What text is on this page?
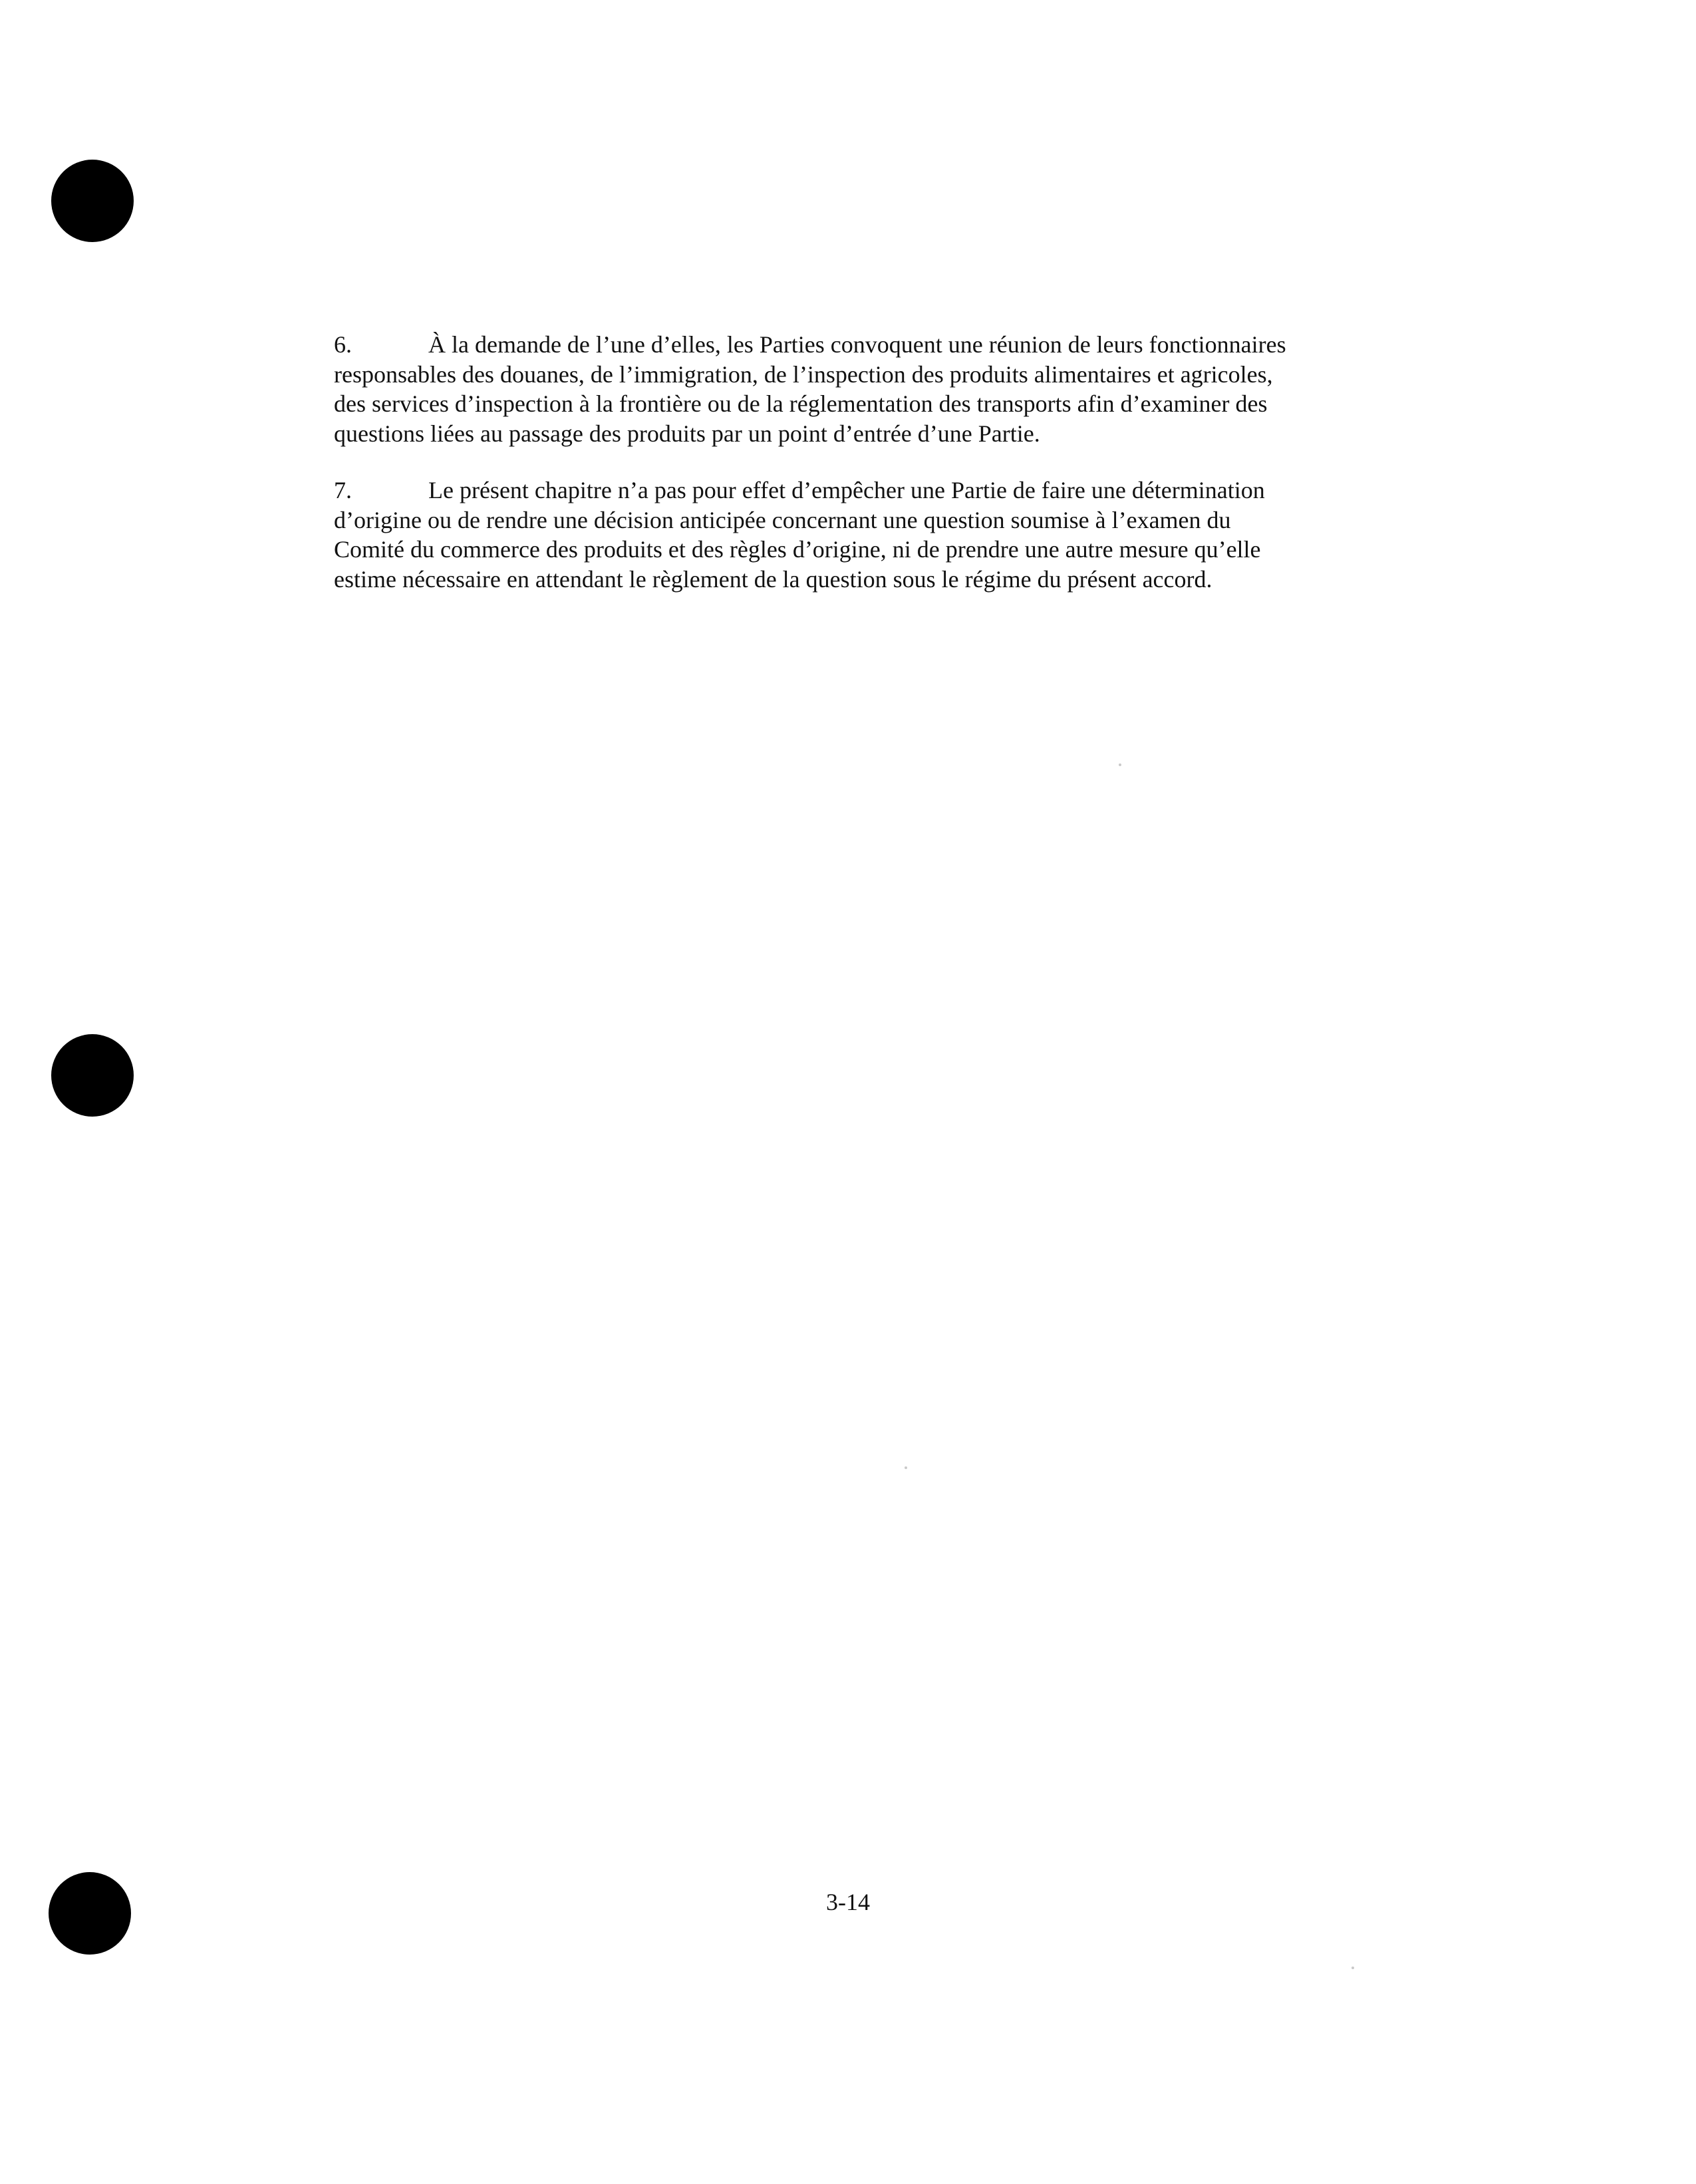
6.	À la demande de l’une d’elles, les Parties convoquent une réunion de leurs fonctionnaires
responsables des douanes, de l’immigration, de l’inspection des produits alimentaires et agricoles,
des services d’inspection à la frontière ou de la réglementation des transports afin d’examiner des
questions liées au passage des produits par un point d’entrée d’une Partie.
7.	Le présent chapitre n’a pas pour effet d’empêcher une Partie de faire une détermination
d’origine ou de rendre une décision anticipée concernant une question soumise à l’examen du
Comité du commerce des produits et des règles d’origine, ni de prendre une autre mesure qu’elle
estime nécessaire en attendant le règlement de la question sous le régime du présent accord.
3-14
